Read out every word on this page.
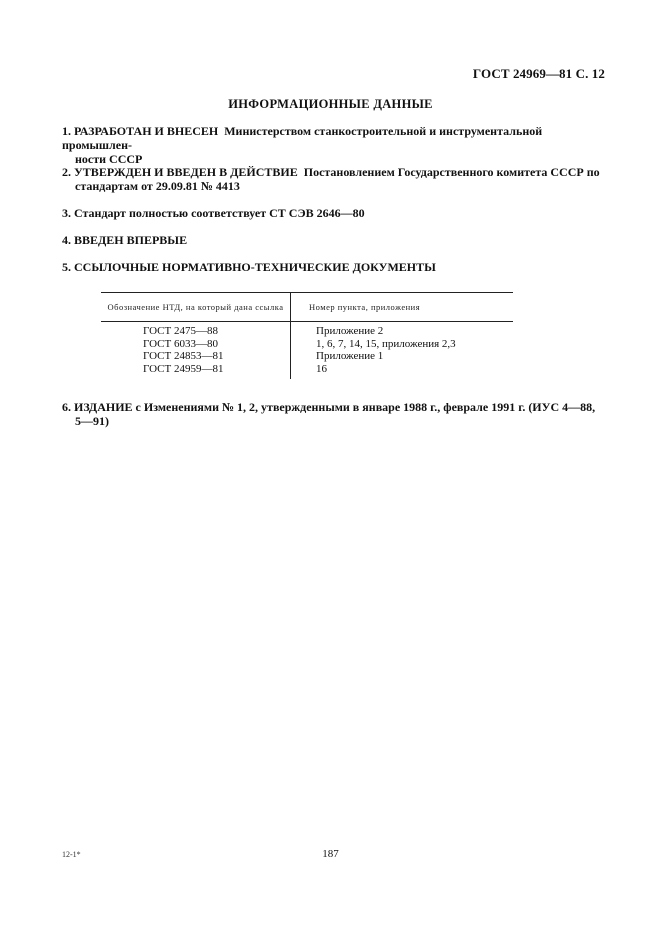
ГОСТ 24969—81 С. 12
ИНФОРМАЦИОННЫЕ ДАННЫЕ
1. РАЗРАБОТАН И ВНЕСЕН Министерством станкостроительной и инструментальной промышлен-
ности СССР
2. УТВЕРЖДЕН И ВВЕДЕН В ДЕЙСТВИЕ Постановлением Государственного комитета СССР по
стандартам от 29.09.81 № 4413
3. Стандарт полностью соответствует СТ СЭВ 2646—80
4. ВВЕДЕН ВПЕРВЫЕ
5. ССЫЛОЧНЫЕ НОРМАТИВНО-ТЕХНИЧЕСКИЕ ДОКУМЕНТЫ
Обозначение НТД, на который дана ссылка	Номер пункта, приложения
ГОСТ 2475—88
ГОСТ 6033—80
ГОСТ 24853—81
ГОСТ 24959—81
Приложение 2
1, 6, 7, 14, 15, приложения 2,3
Приложение 1
16
6. ИЗДАНИЕ с Изменениями № 1, 2, утвержденными в январе 1988 г., феврале 1991 г. (ИУС 4—88,
5—91)
12-1*	187
